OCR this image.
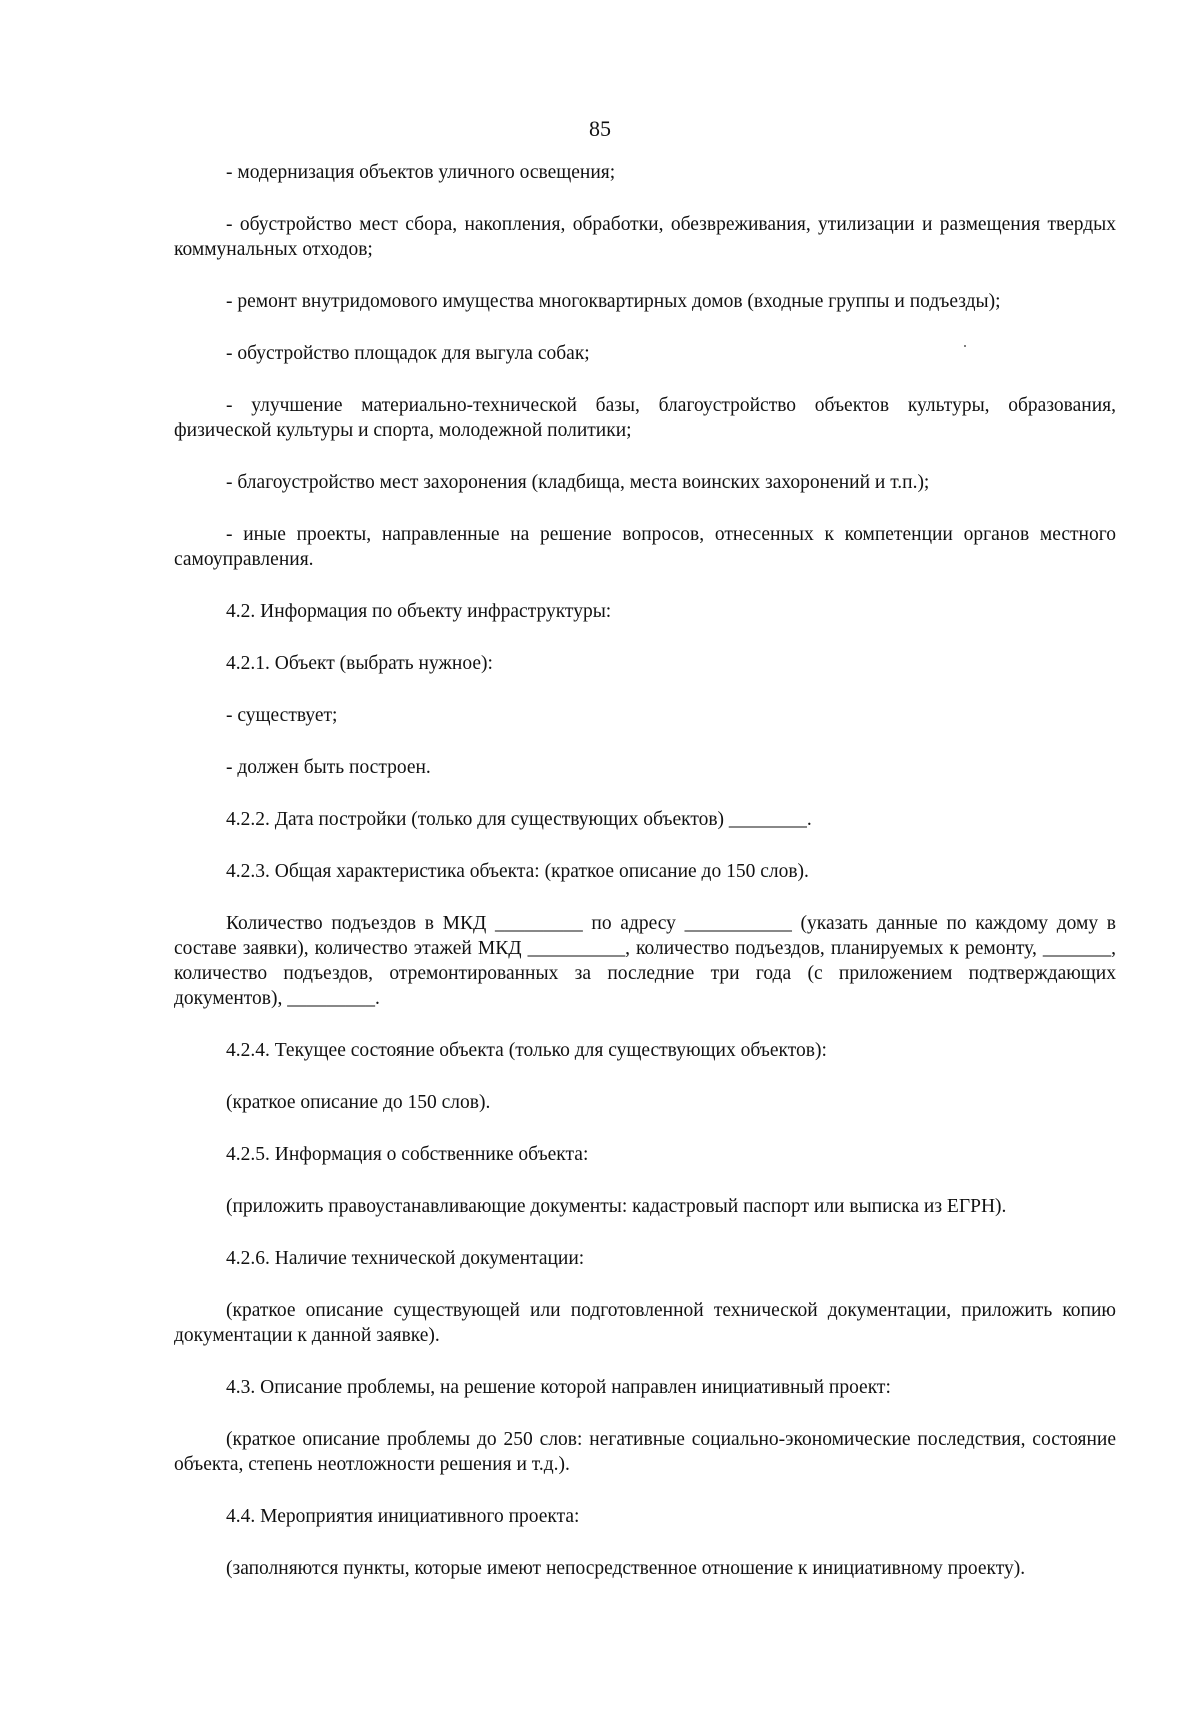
85

- модернизация объектов уличного освещения;

- обустройство мест сбора, накопления, обработки, обезвреживания, утилизации и размещения твердых коммунальных отходов;

- ремонт внутридомового имущества многоквартирных домов (входные группы и подъезды);

- обустройство площадок для выгула собак;

- улучшение материально-технической базы, благоустройство объектов культуры, образования, физической культуры и спорта, молодежной политики;

- благоустройство мест захоронения (кладбища, места воинских захоронений и т.п.);

- иные проекты, направленные на решение вопросов, отнесенных к компетенции органов местного самоуправления.

4.2. Информация по объекту инфраструктуры:

4.2.1. Объект (выбрать нужное):

- существует;

- должен быть построен.

4.2.2. Дата постройки (только для существующих объектов) ________.

4.2.3. Общая характеристика объекта: (краткое описание до 150 слов).

Количество подъездов в МКД _________ по адресу ___________ (указать данные по каждому дому в составе заявки), количество этажей МКД __________, количество подъездов, планируемых к ремонту, _______, количество подъездов, отремонтированных за последние три года (с приложением подтверждающих документов), _________.

4.2.4. Текущее состояние объекта (только для существующих объектов):

(краткое описание до 150 слов).

4.2.5. Информация о собственнике объекта:

(приложить правоустанавливающие документы: кадастровый паспорт или выписка из ЕГРН).

4.2.6. Наличие технической документации:

(краткое описание существующей или подготовленной технической документации, приложить копию документации к данной заявке).

4.3. Описание проблемы, на решение которой направлен инициативный проект:

(краткое описание проблемы до 250 слов: негативные социально-экономические последствия, состояние объекта, степень неотложности решения и т.д.).

4.4. Мероприятия инициативного проекта:

(заполняются пункты, которые имеют непосредственное отношение к инициативному проекту).
